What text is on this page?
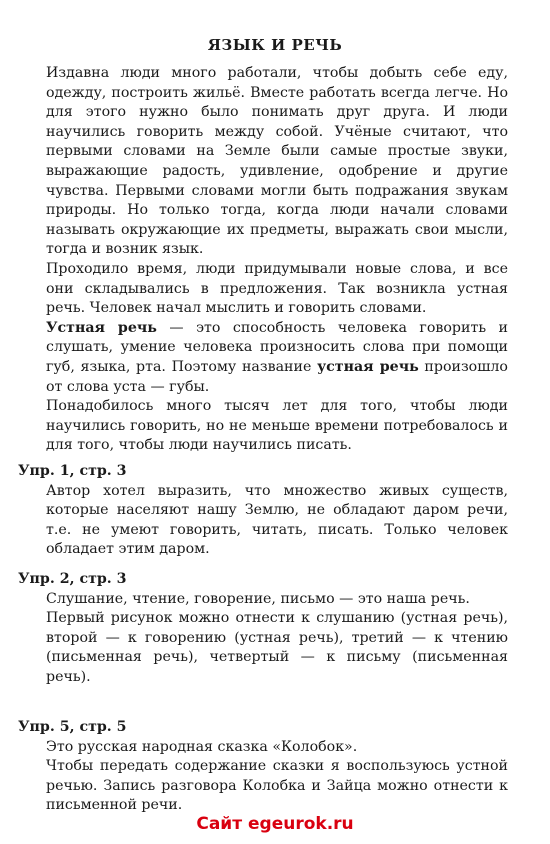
ЯЗЫК И РЕЧЬ

Издавна люди много работали, чтобы добыть себе еду, одежду, построить жильё. Вместе работать всегда легче. Но для этого нужно было понимать друг друга. И люди научились говорить между собой. Учёные считают, что первыми словами на Земле были самые простые звуки, выражающие радость, удивление, одобрение и другие чувства. Первыми словами могли быть подражания звукам природы. Но только тогда, когда люди начали словами называть окружающие их предметы, выражать свои мысли, тогда и возник язык.

Проходило время, люди придумывали новые слова, и все они складывались в предложения. Так возникла устная речь. Человек начал мыслить и говорить словами.

Устная речь — это способность человека говорить и слушать, умение человека произносить слова при помощи губ, языка, рта. Поэтому название устная речь произошло от слова уста — губы.

Понадобилось много тысяч лет для того, чтобы люди научились говорить, но не меньше времени потребовалось и для того, чтобы люди научились писать.

Упр. 1, стр. 3

Автор хотел выразить, что множество живых существ, которые населяют нашу Землю, не обладают даром речи, т.е. не умеют говорить, читать, писать. Только человек обладает этим даром.

Упр. 2, стр. 3

Слушание, чтение, говорение, письмо — это наша речь.

Первый рисунок можно отнести к слушанию (устная речь), второй — к говорению (устная речь), третий — к чтению (письменная речь), четвертый — к письму (письменная речь).

Упр. 5, стр. 5

Это русская народная сказка «Колобок».

Чтобы передать содержание сказки я воспользуюсь устной речью. Запись разговора Колобка и Зайца можно отнести к письменной речи.

Сайт egeurok.ru
